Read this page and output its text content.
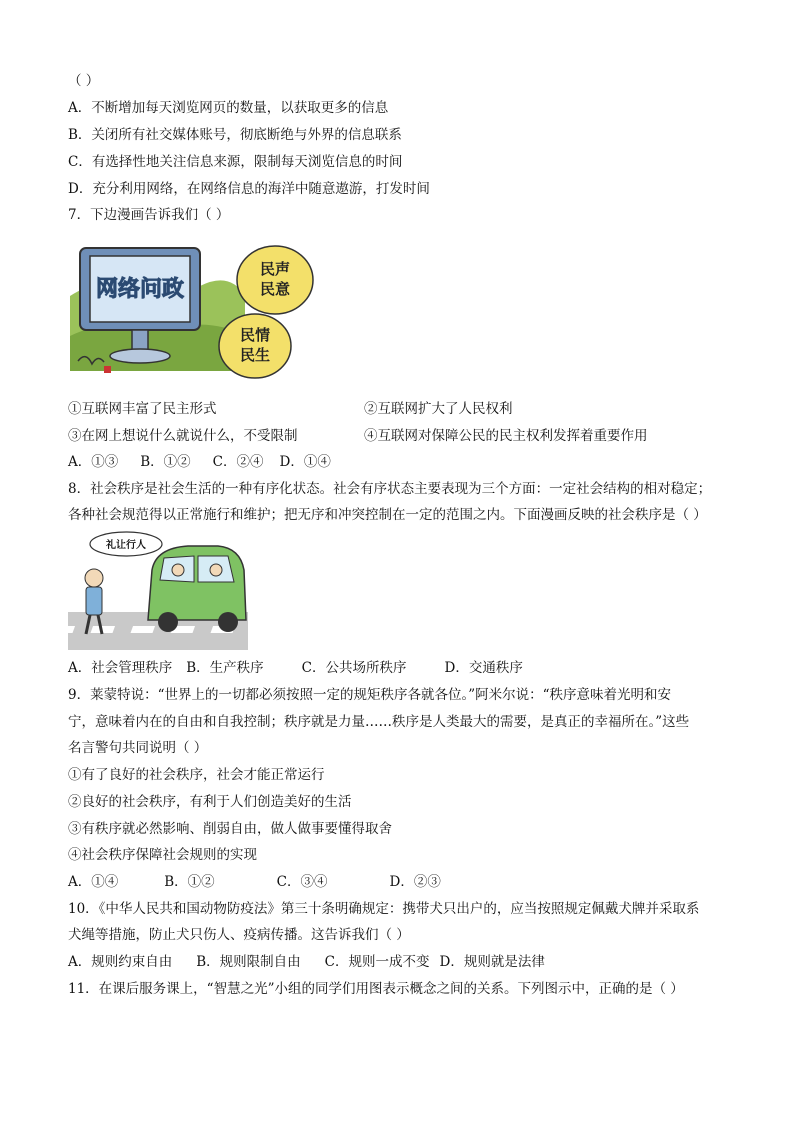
（ ）
A．不断增加每天浏览网页的数量，以获取更多的信息
B．关闭所有社交媒体账号，彻底断绝与外界的信息联系
C．有选择性地关注信息来源，限制每天浏览信息的时间
D．充分利用网络，在网络信息的海洋中随意遨游，打发时间
7．下边漫画告诉我们（ ）
网络问政
民声
民意
民情
民生
①互联网丰富了民主形式	②互联网扩大了人民权利
③在网上想说什么就说什么，不受限制	④互联网对保障公民的民主权利发挥着重要作用
A．①③ B．①② C．②④ D．①④
8．社会秩序是社会生活的一种有序化状态。社会有序状态主要表现为三个方面：一定社会结构的相对稳定；
各种社会规范得以正常施行和维护；把无序和冲突控制在一定的范围之内。下面漫画反映的社会秩序是（ ）
礼让行人
A．社会管理秩序 B．生产秩序	C．公共场所秩序	D．交通秩序
9．莱蒙特说：“世界上的一切都必须按照一定的规矩秩序各就各位。”阿米尔说：“秩序意味着光明和安
宁，意味着内在的自由和自我控制；秩序就是力量……秩序是人类最大的需要，是真正的幸福所在。”这些
名言警句共同说明（ ）
①有了良好的社会秩序，社会才能正常运行
②良好的社会秩序，有利于人们创造美好的生活
③有秩序就必然影响、削弱自由，做人做事要懂得取舍
④社会秩序保障社会规则的实现
A．①④	B．①②	C．③④	D．②③
10．《中华人民共和国动物防疫法》第三十条明确规定：携带犬只出户的，应当按照规定佩戴犬牌并采取系
犬绳等措施，防止犬只伤人、疫病传播。这告诉我们（ ）
A．规则约束自由 B．规则限制自由 C．规则一成不变 D．规则就是法律
11．在课后服务课上，“智慧之光”小组的同学们用图表示概念之间的关系。下列图示中，正确的是（ ）
